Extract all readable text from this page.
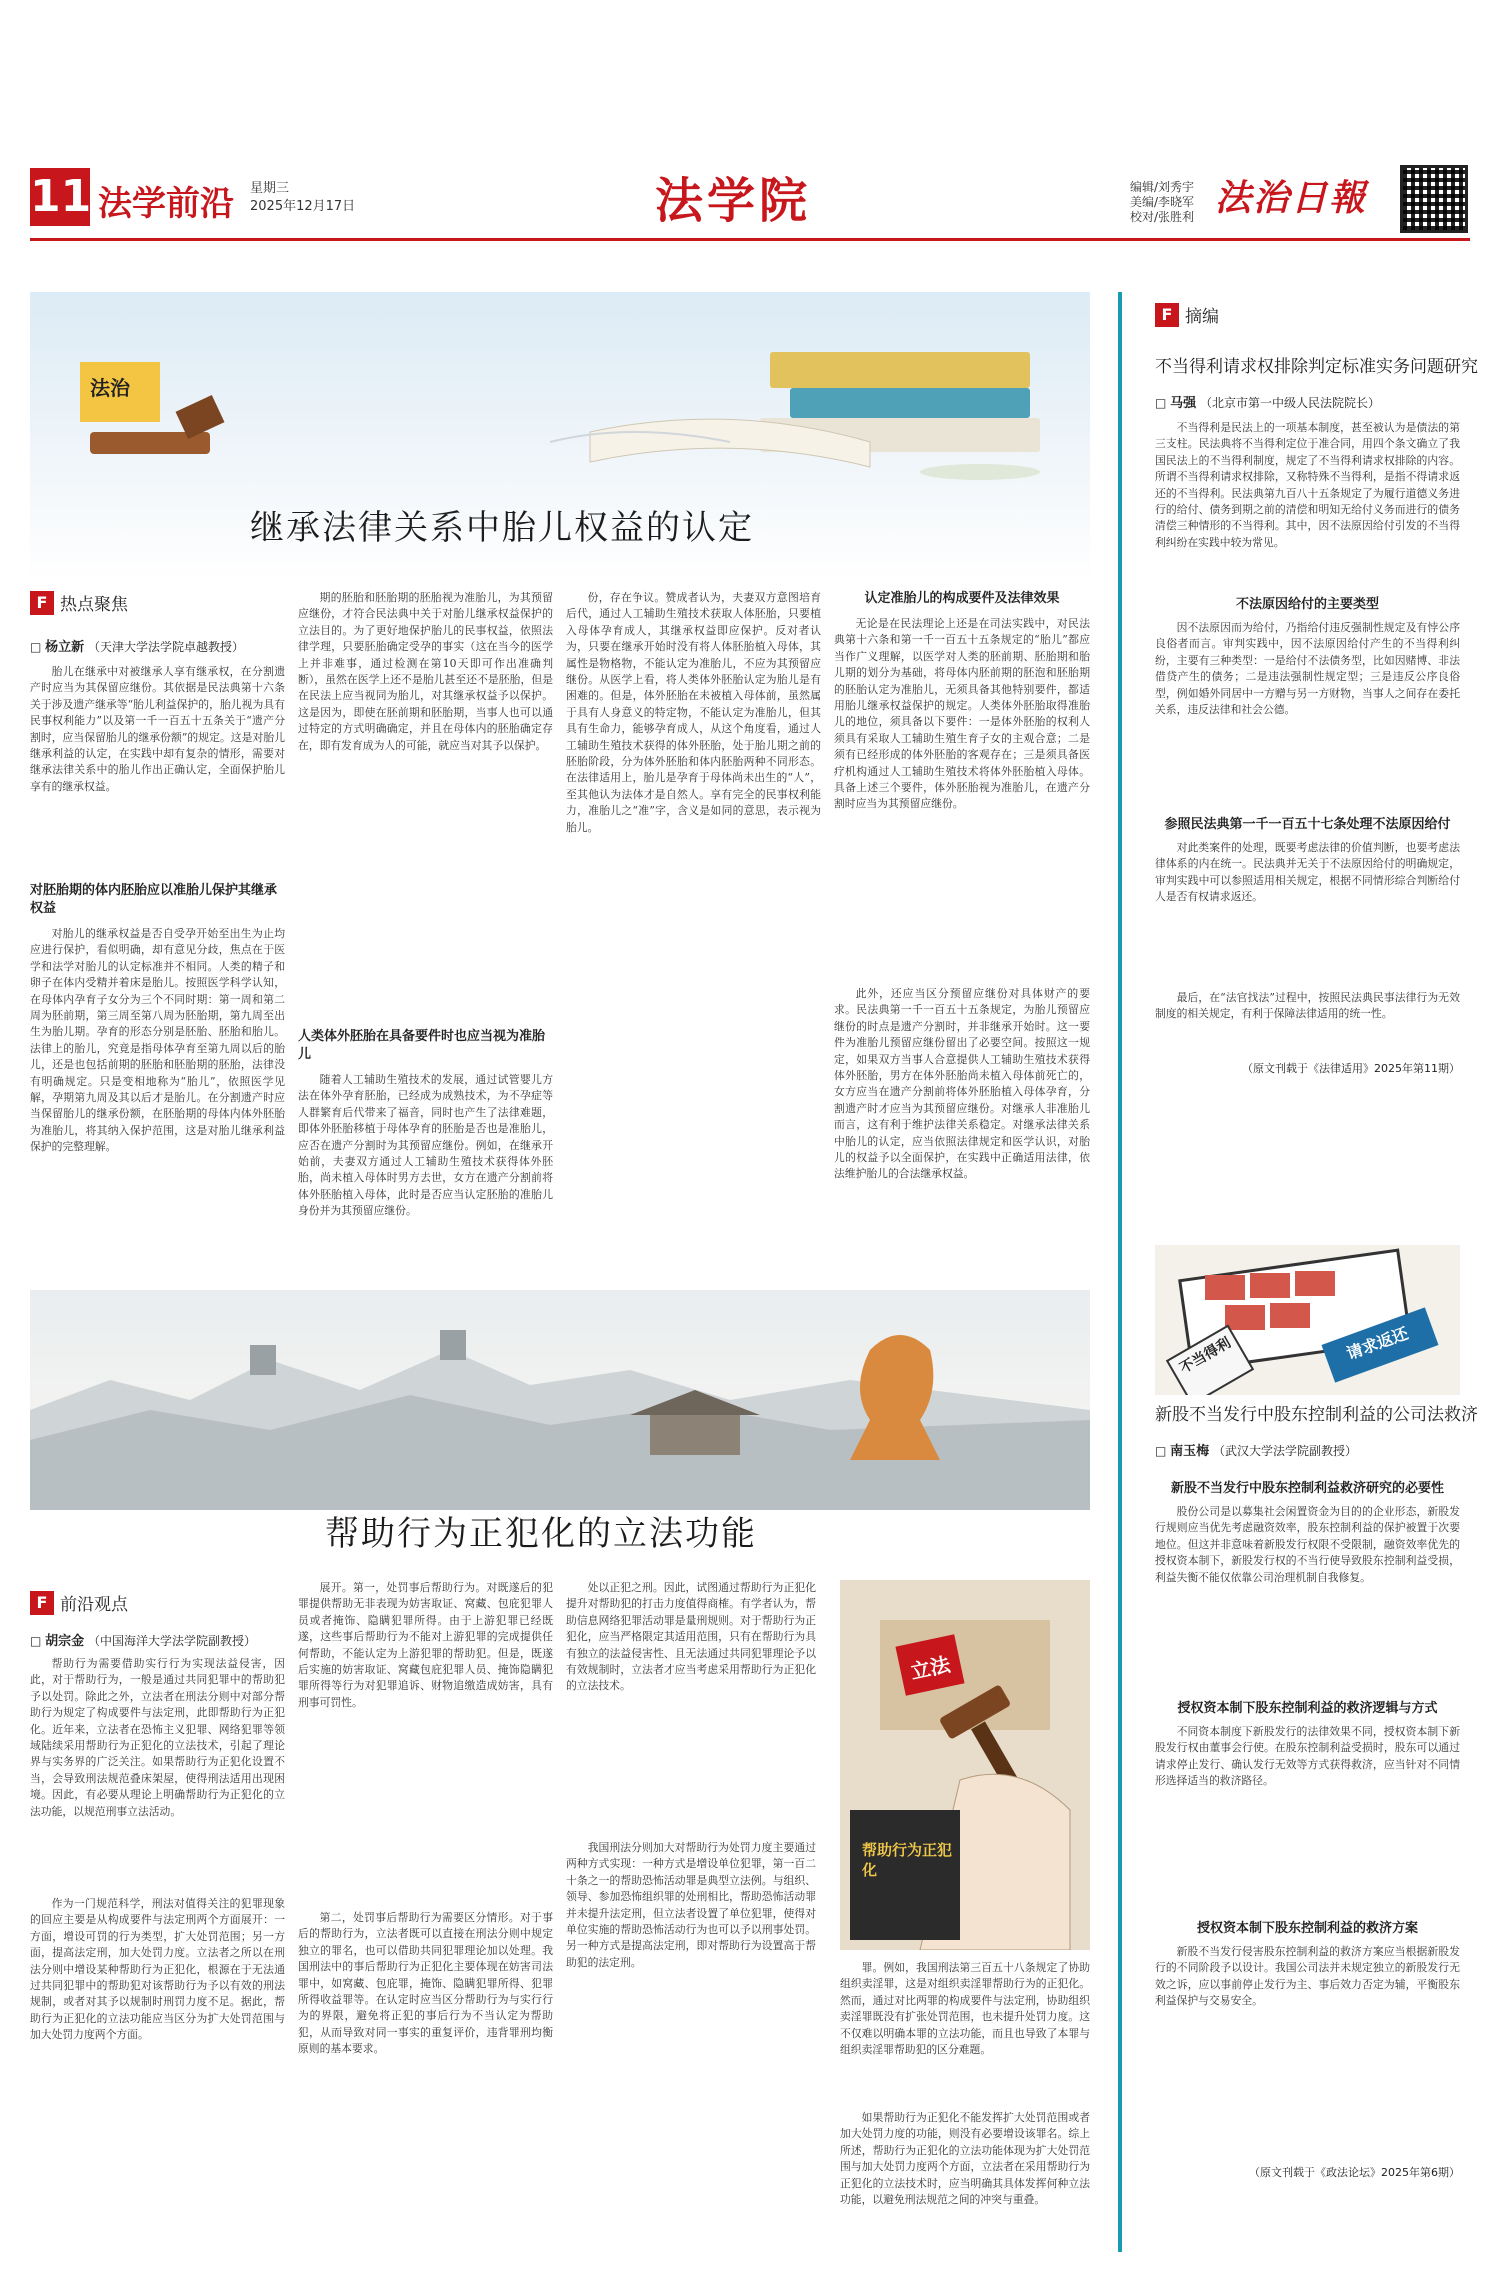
11 法学前沿 星期三
2025年12月17日	法学院	编辑/刘秀宇
美编/李晓军
校对/张胜利 法治日報
法治
继承法律关系中胎儿权益的认定
F 热点聚焦
□ 杨立新 （天津大学法学院卓越教授）

胎儿在继承中对被继承人享有继承权，在分割遗产时应当为其保留应继份。其依据是民法典第十六条关于涉及遗产继承等“胎儿利益保护的，胎儿视为具有民事权利能力”以及第一千一百五十五条关于“遗产分割时，应当保留胎儿的继承份额”的规定。这是对胎儿继承利益的认定，在实践中却有复杂的情形，需要对继承法律关系中的胎儿作出正确认定，全面保护胎儿享有的继承权益。

对胚胎期的体内胚胎应以准胎儿保护其继承权益

对胎儿的继承权益是否自受孕开始至出生为止均应进行保护，看似明确，却有意见分歧，焦点在于医学和法学对胎儿的认定标准并不相同。人类的精子和卵子在体内受精并着床是胎儿。按照医学科学认知，在母体内孕育子女分为三个不同时期：第一周和第二周为胚前期，第三周至第八周为胚胎期，第九周至出生为胎儿期。孕育的形态分别是胚胎、胚胎和胎儿。法律上的胎儿，究竟是指母体孕育至第九周以后的胎儿，还是也包括前期的胚胎和胚胎期的胚胎，法律没有明确规定。只是变相地称为“胎儿”，依照医学见解，孕期第九周及其以后才是胎儿。在分割遗产时应当保留胎儿的继承份额，在胚胎期的母体内体外胚胎为准胎儿，将其纳入保护范围，这是对胎儿继承利益保护的完整理解。

期的胚胎和胚胎期的胚胎视为准胎儿，为其预留应继份，才符合民法典中关于对胎儿继承权益保护的立法目的。为了更好地保护胎儿的民事权益，依照法律学理，只要胚胎确定受孕的事实（这在当今的医学上并非难事，通过检测在第10天即可作出准确判断），虽然在医学上还不是胎儿甚至还不是胚胎，但是在民法上应当视同为胎儿，对其继承权益予以保护。这是因为，即使在胚前期和胚胎期，当事人也可以通过特定的方式明确确定，并且在母体内的胚胎确定存在，即有发育成为人的可能，就应当对其予以保护。

人类体外胚胎在具备要件时也应当视为准胎儿

随着人工辅助生殖技术的发展，通过试管婴儿方法在体外孕育胚胎，已经成为成熟技术，为不孕症等人群繁育后代带来了福音，同时也产生了法律难题，即体外胚胎移植于母体孕育的胚胎是否也是准胎儿，应否在遗产分割时为其预留应继份。例如，在继承开始前，夫妻双方通过人工辅助生殖技术获得体外胚胎，尚未植入母体时男方去世，女方在遗产分割前将体外胚胎植入母体，此时是否应当认定胚胎的准胎儿身份并为其预留应继份。

份，存在争议。赞成者认为，夫妻双方意图培育后代，通过人工辅助生殖技术获取人体胚胎，只要植入母体孕育成人，其继承权益即应保护。反对者认为，只要在继承开始时没有将人体胚胎植入母体，其属性是物格物，不能认定为准胎儿，不应为其预留应继份。从医学上看，将人类体外胚胎认定为胎儿是有困难的。但是，体外胚胎在未被植入母体前，虽然属于具有人身意义的特定物，不能认定为准胎儿，但其具有生命力，能够孕育成人，从这个角度看，通过人工辅助生殖技术获得的体外胚胎，处于胎儿期之前的胚胎阶段，分为体外胚胎和体内胚胎两种不同形态。在法律适用上，胎儿是孕育于母体尚未出生的“人”，至其他认为法体才是自然人。享有完全的民事权利能力，准胎儿之“准”字，含义是如同的意思，表示视为胎儿。

认定准胎儿的构成要件及法律效果

无论是在民法理论上还是在司法实践中，对民法典第十六条和第一千一百五十五条规定的“胎儿”都应当作广义理解，以医学对人类的胚前期、胚胎期和胎儿期的划分为基础，将母体内胚前期的胚泡和胚胎期的胚胎认定为准胎儿，无须具备其他特别要件，都适用胎儿继承权益保护的规定。人类体外胚胎取得准胎儿的地位，须具备以下要件：一是体外胚胎的权利人须具有采取人工辅助生殖生育子女的主观合意；二是须有已经形成的体外胚胎的客观存在；三是须具备医疗机构通过人工辅助生殖技术将体外胚胎植入母体。具备上述三个要件，体外胚胎视为准胎儿，在遗产分割时应当为其预留应继份。

此外，还应当区分预留应继份对具体财产的要求。民法典第一千一百五十五条规定，为胎儿预留应继份的时点是遗产分割时，并非继承开始时。这一要件为准胎儿预留应继份留出了必要空间。按照这一规定，如果双方当事人合意提供人工辅助生殖技术获得体外胚胎，男方在体外胚胎尚未植入母体前死亡的，女方应当在遗产分割前将体外胚胎植入母体孕育，分割遗产时才应当为其预留应继份。对继承人非准胎儿而言，这有利于维护法律关系稳定。对继承法律关系中胎儿的认定，应当依照法律规定和医学认识，对胎儿的权益予以全面保护，在实践中正确适用法律，依法维护胎儿的合法继承权益。

帮助行为正犯化的立法功能
F 前沿观点
□ 胡宗金 （中国海洋大学法学院副教授）

帮助行为需要借助实行行为实现法益侵害，因此，对于帮助行为，一般是通过共同犯罪中的帮助犯予以处罚。除此之外，立法者在刑法分则中对部分帮助行为规定了构成要件与法定刑，此即帮助行为正犯化。近年来，立法者在恐怖主义犯罪、网络犯罪等领域陆续采用帮助行为正犯化的立法技术，引起了理论界与实务界的广泛关注。如果帮助行为正犯化设置不当，会导致刑法规范叠床架屋，使得刑法适用出现困境。因此，有必要从理论上明确帮助行为正犯化的立法功能，以规范刑事立法活动。

作为一门规范科学，刑法对值得关注的犯罪现象的回应主要是从构成要件与法定刑两个方面展开：一方面，增设可罚的行为类型，扩大处罚范围；另一方面，提高法定刑，加大处罚力度。立法者之所以在刑法分则中增设某种帮助行为正犯化，根源在于无法通过共同犯罪中的帮助犯对该帮助行为予以有效的刑法规制，或者对其予以规制时刑罚力度不足。据此，帮助行为正犯化的立法功能应当区分为扩大处罚范围与加大处罚力度两个方面。

展开。第一，处罚事后帮助行为。对既遂后的犯罪提供帮助无非表现为妨害取证、窝藏、包庇犯罪人员或者掩饰、隐瞒犯罪所得。由于上游犯罪已经既遂，这些事后帮助行为不能对上游犯罪的完成提供任何帮助，不能认定为上游犯罪的帮助犯。但是，既遂后实施的妨害取证、窝藏包庇犯罪人员、掩饰隐瞒犯罪所得等行为对犯罪追诉、财物追缴造成妨害，具有刑事可罚性。

第二，处罚事后帮助行为需要区分情形。对于事后的帮助行为，立法者既可以直接在刑法分则中规定独立的罪名，也可以借助共同犯罪理论加以处理。我国刑法中的事后帮助行为正犯化主要体现在妨害司法罪中，如窝藏、包庇罪，掩饰、隐瞒犯罪所得、犯罪所得收益罪等。在认定时应当区分帮助行为与实行行为的界限，避免将正犯的事后行为不当认定为帮助犯，从而导致对同一事实的重复评价，违背罪刑均衡原则的基本要求。

处以正犯之刑。因此，试图通过帮助行为正犯化提升对帮助犯的打击力度值得商榷。有学者认为，帮助信息网络犯罪活动罪是量刑规则。对于帮助行为正犯化，应当严格限定其适用范围，只有在帮助行为具有独立的法益侵害性、且无法通过共同犯罪理论予以有效规制时，立法者才应当考虑采用帮助行为正犯化的立法技术。

我国刑法分则加大对帮助行为处罚力度主要通过两种方式实现：一种方式是增设单位犯罪，第一百二十条之一的帮助恐怖活动罪是典型立法例。与组织、领导、参加恐怖组织罪的处刑相比，帮助恐怖活动罪并未提升法定刑，但立法者设置了单位犯罪，使得对单位实施的帮助恐怖活动行为也可以予以刑事处罚。另一种方式是提高法定刑，即对帮助行为设置高于帮助犯的法定刑。

立法
帮助行为正犯化

罪。例如，我国刑法第三百五十八条规定了协助组织卖淫罪，这是对组织卖淫罪帮助行为的正犯化。然而，通过对比两罪的构成要件与法定刑，协助组织卖淫罪既没有扩张处罚范围，也未提升处罚力度。这不仅难以明确本罪的立法功能，而且也导致了本罪与组织卖淫罪帮助犯的区分难题。

如果帮助行为正犯化不能发挥扩大处罚范围或者加大处罚力度的功能，则没有必要增设该罪名。综上所述，帮助行为正犯化的立法功能体现为扩大处罚范围与加大处罚力度两个方面，立法者在采用帮助行为正犯化的立法技术时，应当明确其具体发挥何种立法功能，以避免刑法规范之间的冲突与重叠。

F 摘编
不当得利请求权排除判定标准实务问题研究
□ 马强 （北京市第一中级人民法院院长）

不当得利是民法上的一项基本制度，甚至被认为是债法的第三支柱。民法典将不当得利定位于准合同，用四个条文确立了我国民法上的不当得利制度，规定了不当得利请求权排除的内容。所谓不当得利请求权排除，又称特殊不当得利，是指不得请求返还的不当得利。民法典第九百八十五条规定了为履行道德义务进行的给付、债务到期之前的清偿和明知无给付义务而进行的债务清偿三种情形的不当得利。其中，因不法原因给付引发的不当得利纠纷在实践中较为常见。

不法原因给付的主要类型

因不法原因而为给付，乃指给付违反强制性规定及有悖公序良俗者而言。审判实践中，因不法原因给付产生的不当得利纠纷，主要有三种类型：一是给付不法债务型，比如因赌博、非法借贷产生的债务；二是违法强制性规定型；三是违反公序良俗型，例如婚外同居中一方赠与另一方财物，当事人之间存在委托关系，违反法律和社会公德。

参照民法典第一千一百五十七条处理不法原因给付

对此类案件的处理，既要考虑法律的价值判断，也要考虑法律体系的内在统一。民法典并无关于不法原因给付的明确规定，审判实践中可以参照适用相关规定，根据不同情形综合判断给付人是否有权请求返还。

最后，在“法官找法”过程中，按照民法典民事法律行为无效制度的相关规定，有利于保障法律适用的统一性。

（原文刊载于《法律适用》2025年第11期）
不当得利	请求返还
新股不当发行中股东控制利益的公司法救济
□ 南玉梅 （武汉大学法学院副教授）
新股不当发行中股东控制利益救济研究的必要性

股份公司是以募集社会闲置资金为目的的企业形态，新股发行规则应当优先考虑融资效率，股东控制利益的保护被置于次要地位。但这并非意味着新股发行权限不受限制，融资效率优先的授权资本制下，新股发行权的不当行使导致股东控制利益受损，利益失衡不能仅依靠公司治理机制自我修复。

授权资本制下股东控制利益的救济逻辑与方式

不同资本制度下新股发行的法律效果不同，授权资本制下新股发行权由董事会行使。在股东控制利益受损时，股东可以通过请求停止发行、确认发行无效等方式获得救济，应当针对不同情形选择适当的救济路径。

授权资本制下股东控制利益的救济方案

新股不当发行侵害股东控制利益的救济方案应当根据新股发行的不同阶段予以设计。我国公司法并未规定独立的新股发行无效之诉，应以事前停止发行为主、事后效力否定为辅，平衡股东利益保护与交易安全。

（原文刊载于《政法论坛》2025年第6期）
